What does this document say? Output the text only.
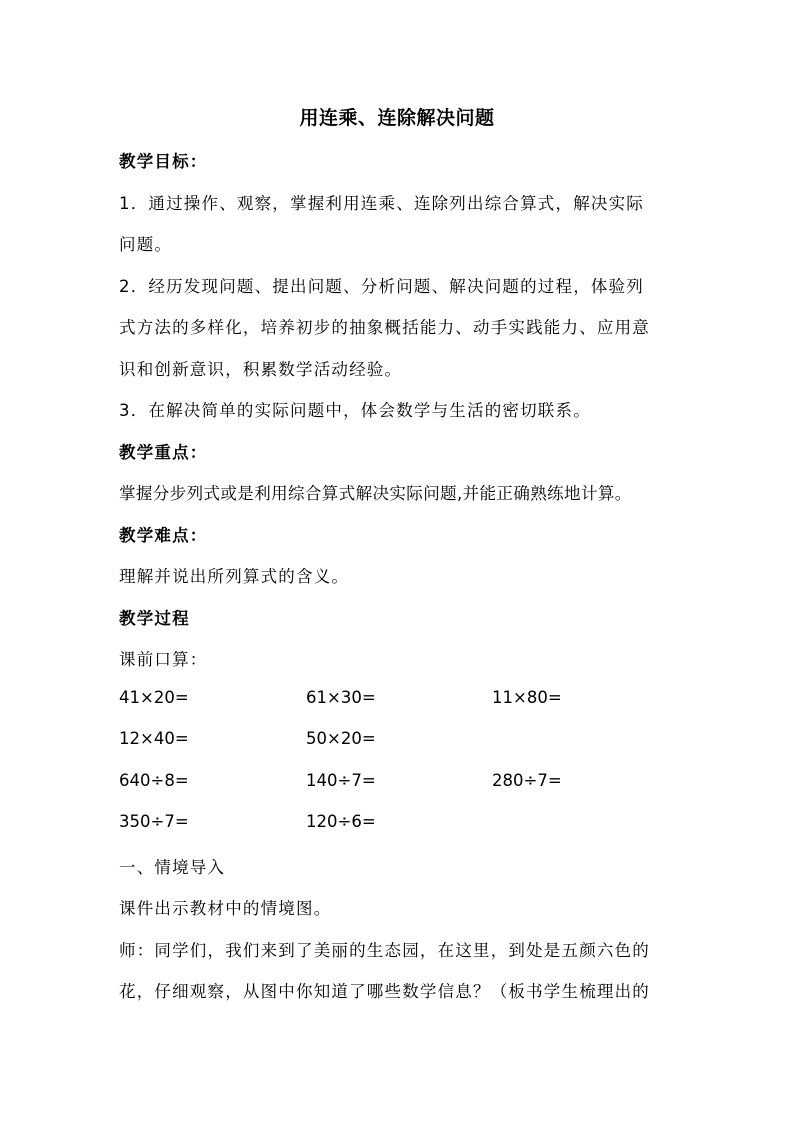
用连乘、连除解决问题
教学目标：
1．通过操作、观察，掌握利用连乘、连除列出综合算式，解决实际
问题。
2．经历发现问题、提出问题、分析问题、解决问题的过程，体验列
式方法的多样化，培养初步的抽象概括能力、动手实践能力、应用意
识和创新意识，积累数学活动经验。
3．在解决简单的实际问题中，体会数学与生活的密切联系。
教学重点：
掌握分步列式或是利用综合算式解决实际问题,并能正确熟练地计算。
教学难点：
理解并说出所列算式的含义。
教学过程
课前口算：
41×20=	61×30=	11×80=
12×40=	50×20=
640÷8=	140÷7=	280÷7=
350÷7=	120÷6=
一、情境导入
课件出示教材中的情境图。
师：同学们，我们来到了美丽的生态园，在这里，到处是五颜六色的
花，仔细观察，从图中你知道了哪些数学信息？（板书学生梳理出的
